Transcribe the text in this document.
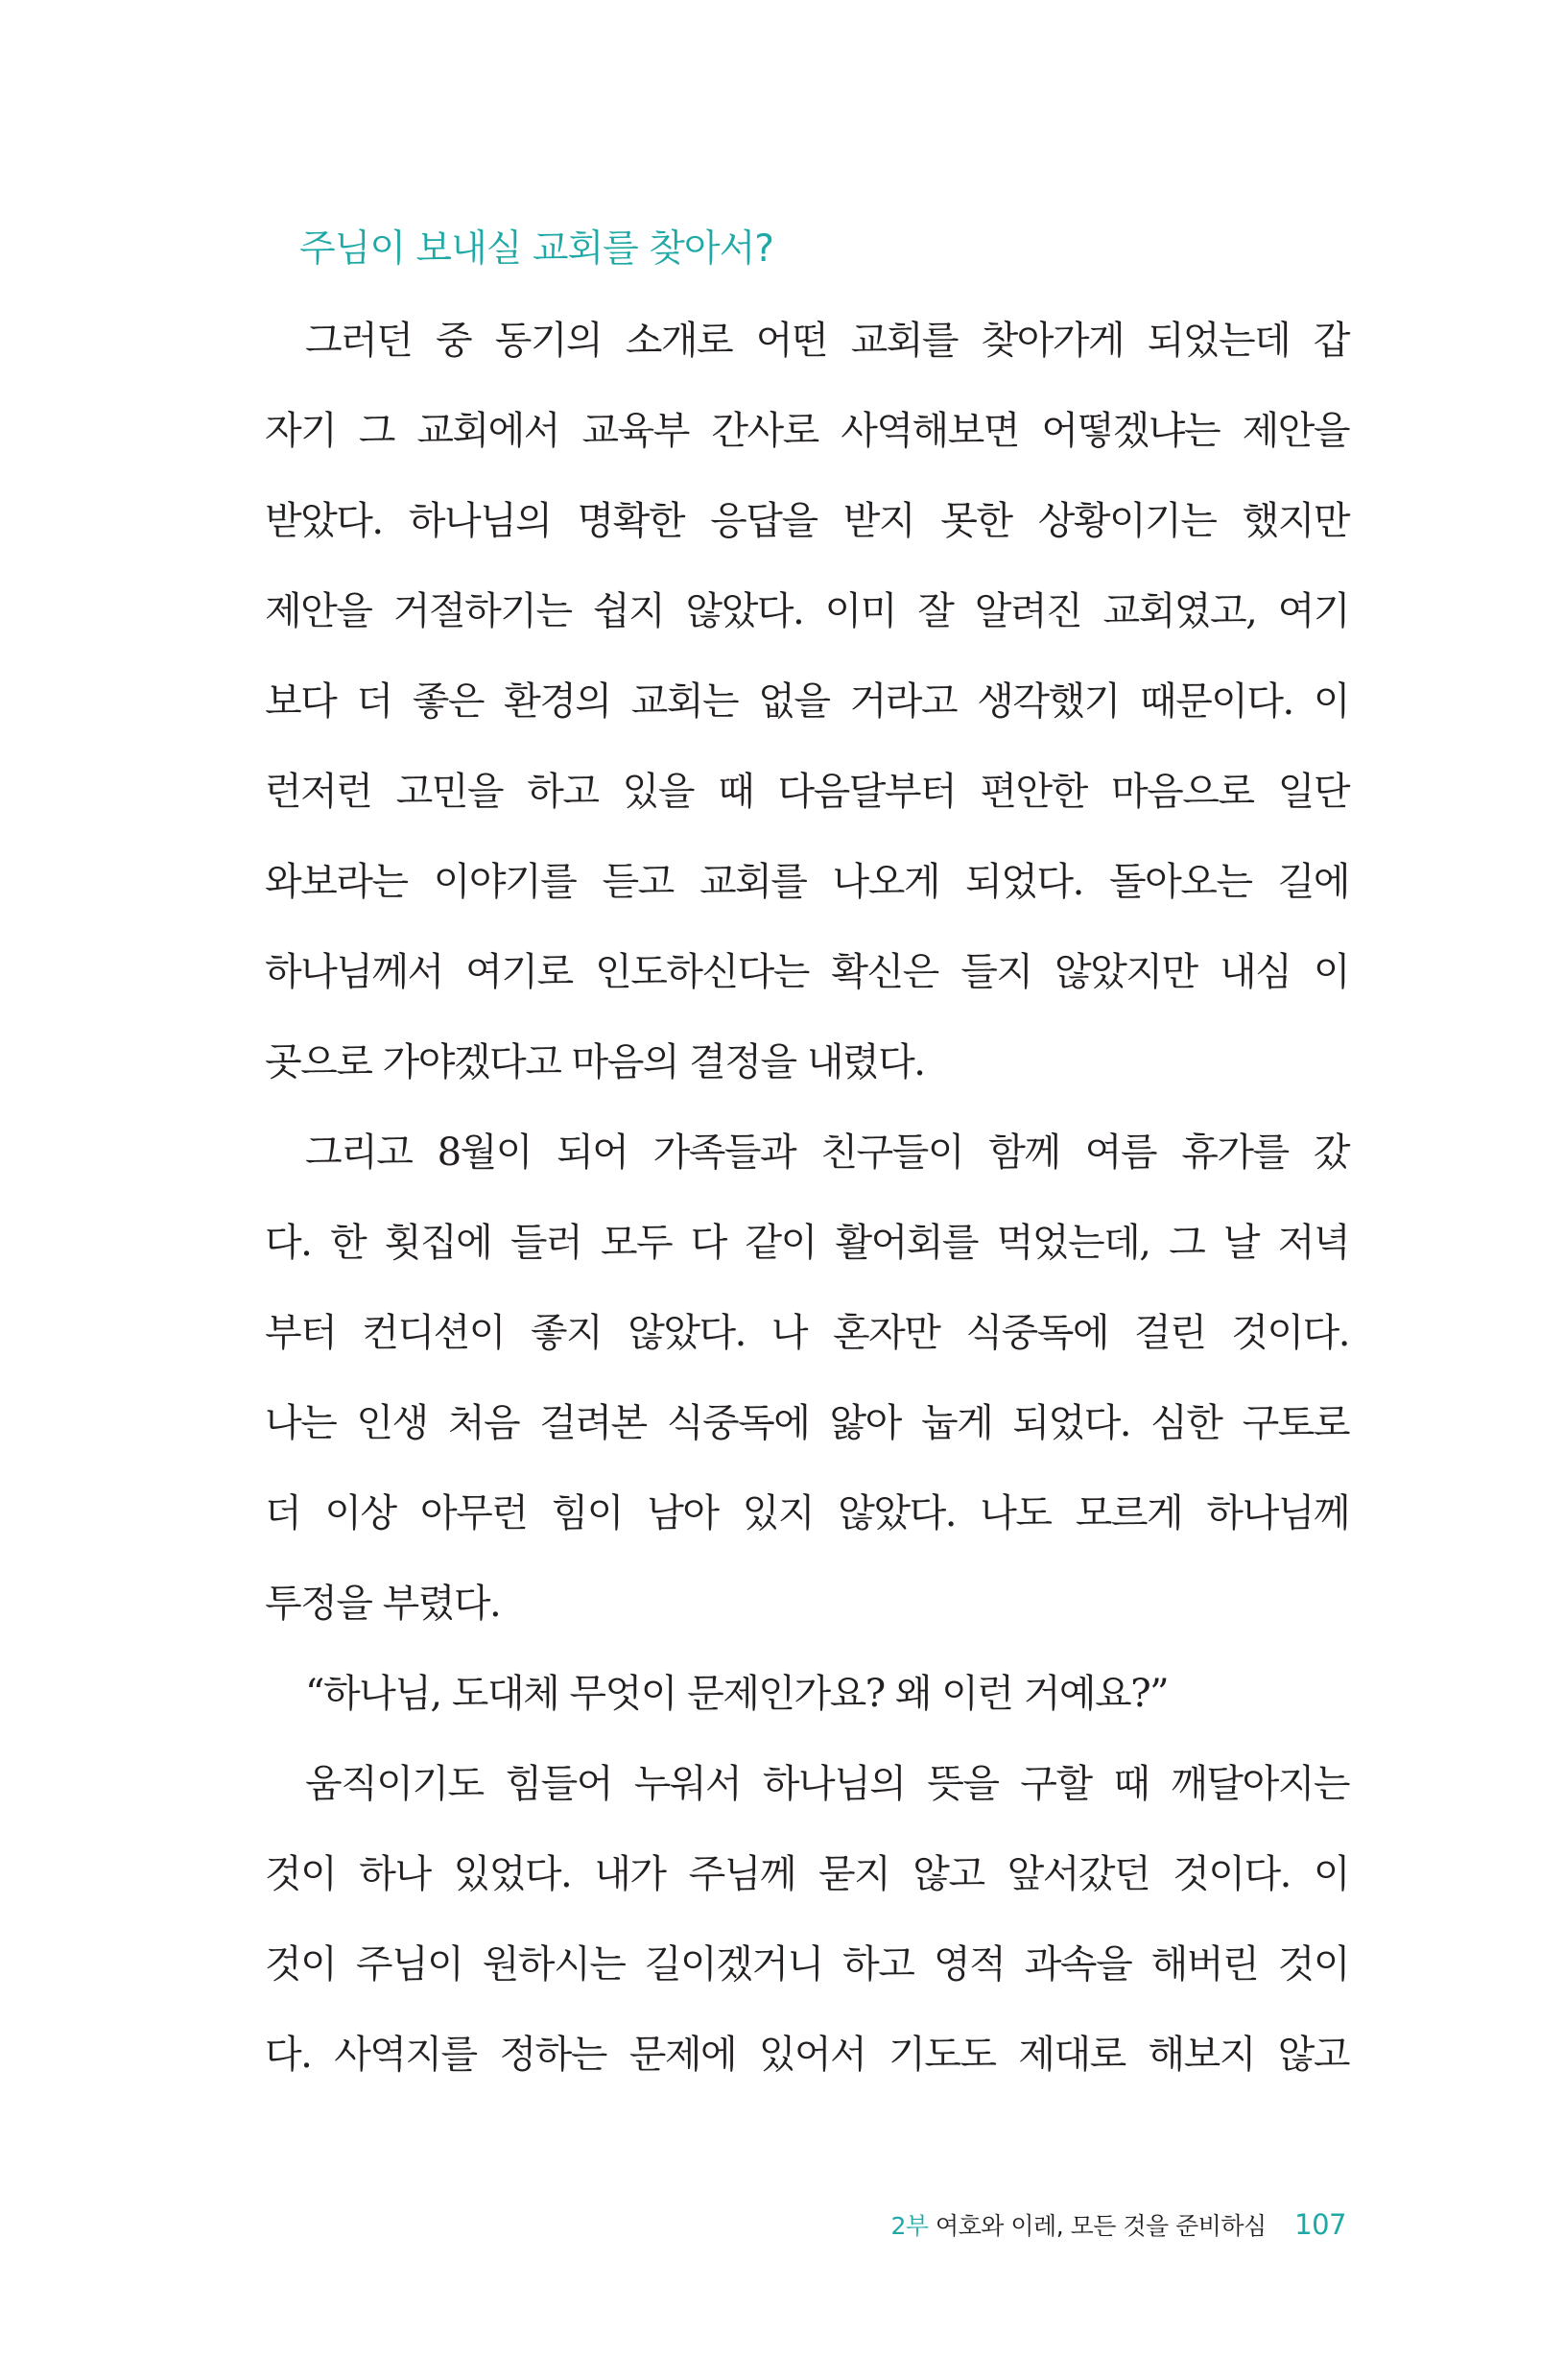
주님이 보내실 교회를 찾아서?
그러던 중 동기의 소개로 어떤 교회를 찾아가게 되었는데 갑
자기 그 교회에서 교육부 간사로 사역해보면 어떻겠냐는 제안을
받았다. 하나님의 명확한 응답을 받지 못한 상황이기는 했지만
제안을 거절하기는 쉽지 않았다. 이미 잘 알려진 교회였고, 여기
보다 더 좋은 환경의 교회는 없을 거라고 생각했기 때문이다. 이
런저런 고민을 하고 있을 때 다음달부터 편안한 마음으로 일단
와보라는 이야기를 듣고 교회를 나오게 되었다. 돌아오는 길에
하나님께서 여기로 인도하신다는 확신은 들지 않았지만 내심 이
곳으로 가야겠다고 마음의 결정을 내렸다.
그리고 8월이 되어 가족들과 친구들이 함께 여름 휴가를 갔
다. 한 횟집에 들러 모두 다 같이 활어회를 먹었는데, 그 날 저녁
부터 컨디션이 좋지 않았다. 나 혼자만 식중독에 걸린 것이다.
나는 인생 처음 걸려본 식중독에 앓아 눕게 되었다. 심한 구토로
더 이상 아무런 힘이 남아 있지 않았다. 나도 모르게 하나님께
투정을 부렸다.
“하나님, 도대체 무엇이 문제인가요? 왜 이런 거예요?”
움직이기도 힘들어 누워서 하나님의 뜻을 구할 때 깨달아지는
것이 하나 있었다. 내가 주님께 묻지 않고 앞서갔던 것이다. 이
것이 주님이 원하시는 길이겠거니 하고 영적 과속을 해버린 것이
다. 사역지를 정하는 문제에 있어서 기도도 제대로 해보지 않고
2부 여호와 이레, 모든 것을 준비하심 107
